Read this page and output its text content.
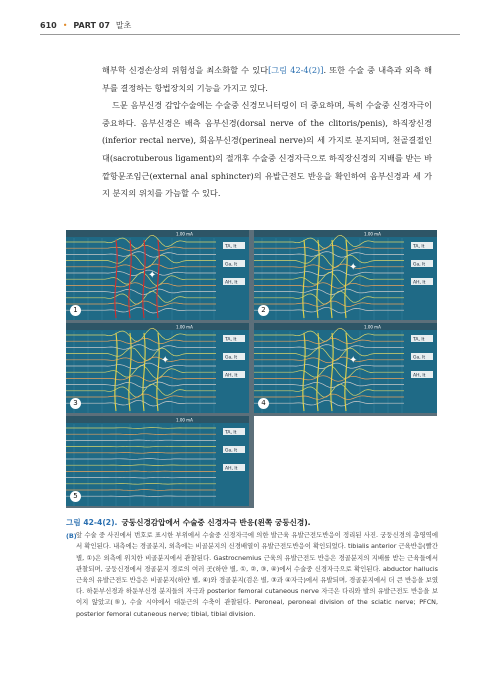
610 • PART 07 말초

해부학 신경손상의 위험성을 최소화할 수 있다[그림 42-4(2)]. 또한 수술 중 내측과 외측 해부를 결정하는 항법장치의 기능을 가지고 있다.

드문 음부신경 감압수술에는 수술중 신경모니터링이 더 중요하며, 특히 수술중 신경자극이 중요하다. 음부신경은 배측 음부신경(dorsal nerve of the clitoris/penis), 하직장신경(inferior rectal nerve), 회음부신경(perineal nerve)의 세 가지로 분지되며, 천골결절인대(sacrotuberous ligament)의 절개후 수술중 신경자극으로 하직장신경의 지배를 받는 바깥항문조임근(external anal sphincter)의 유발근전도 반응을 확인하여 음부신경과 세 가지 분지의 위치를 가늠할 수 있다.

1.00 mA
✦
TA, lt
Ga, lt
AH, lt
1
1.00 mA
✦
TA, lt
Ga, lt
AH, lt
2
1.00 mA
✦
TA, lt
Ga, lt
AH, lt
3
1.00 mA
✦
TA, lt
Ga, lt
AH, lt
4
1.00 mA
TA, lt
Ga, lt
AH, lt
5
그림 42-4(2). 궁둥신경감압에서 수술중 신경자극 반응(왼쪽 궁둥신경).
(B) 앞 수술 중 사진에서 번호로 표시한 부위에서 수술중 신경자극에 의한 발근육 유발근전도반응이 정리된 사진. 궁둥신경의 총영역에서 확인된다. 내측에는 경골분지, 외측에는 비골분지의 신경배열이 유발근전도반응이 확인되었다. tibialis anterior 근육반응(빨간 별, ①)은 외측에 위치한 비골분지에서 관찰된다. Gastrocnemius 근육의 유발근전도 반응은 경골분지의 지배를 받는 근육들에서 관찰되며, 궁둥신경에서 경골분지 경로의 여러 곳(하얀 별, ①, ②, ③, ④)에서 수술중 신경자극으로 확인된다. abductor hallucis 근육의 유발근전도 반응은 비골분지(하얀 별, ④)와 경골분지(검은 별, ③과 ④자극)에서 유발되며, 경골분지에서 더 큰 반응을 보였다. 하둔부신경과 하둔부신경 분지들의 자극과 posterior femoral cutaneous nerve 자극은 다리와 발의 유발근전도 반응을 보이지 않았고(⑤), 수술 시야에서 대둔근의 수축이 관찰된다. Peroneal, peroneal division of the sciatic nerve; PFCN, posterior femoral cutaneous nerve; tibial, tibial division.
